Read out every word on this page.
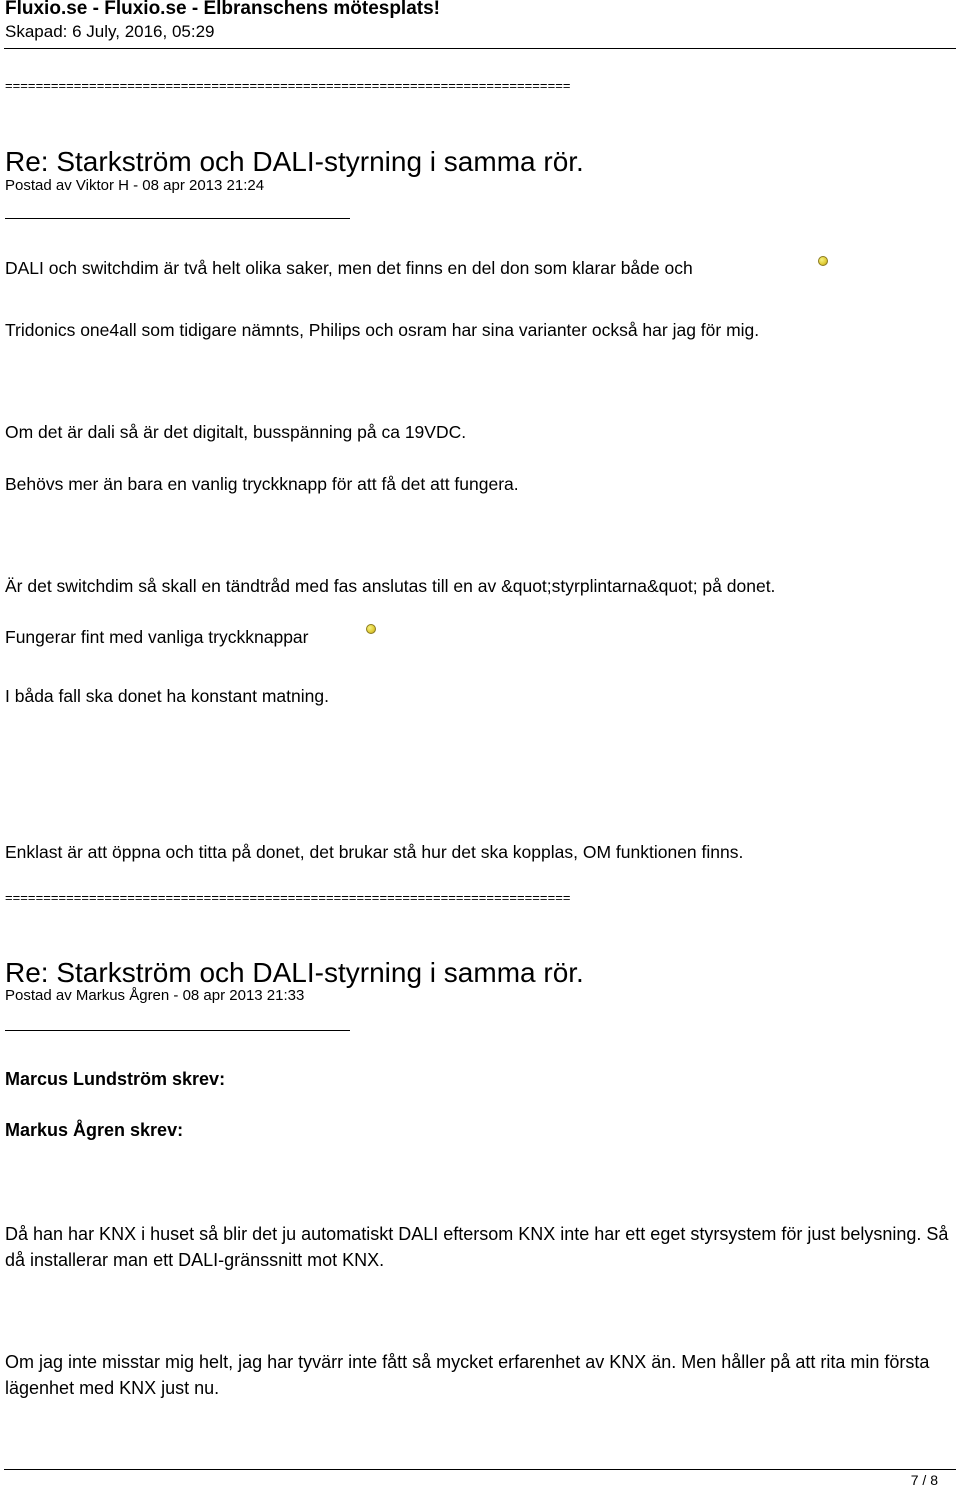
Fluxio.se - Fluxio.se - Elbranschens mötesplats!
Skapad: 6 July, 2016, 05:29
==========================================================================
Re: Starkström och DALI-styrning i samma rör.
Postad av Viktor H - 08 apr 2013 21:24
DALI och switchdim är två helt olika saker, men det finns en del don som klarar både och
Tridonics one4all som tidigare nämnts, Philips och osram har sina varianter också har jag för mig.
Om det är dali så är det digitalt, busspänning på ca 19VDC.
Behövs mer än bara en vanlig tryckknapp för att få det att fungera.
Är det switchdim så skall en tändtråd med fas anslutas till en av &quot;styrplintarna&quot; på donet.
Fungerar fint med vanliga tryckknappar
I båda fall ska donet ha konstant matning.
Enklast är att öppna och titta på donet, det brukar stå hur det ska kopplas, OM funktionen finns.
==========================================================================
Re: Starkström och DALI-styrning i samma rör.
Postad av Markus Ågren - 08 apr 2013 21:33
Marcus Lundström skrev:
Markus Ågren skrev:
Då han har KNX i huset så blir det ju automatiskt DALI eftersom KNX inte har ett eget styrsystem för just belysning. Så då installerar man ett DALI-gränssnitt mot KNX.
Om jag inte misstar mig helt, jag har tyvärr inte fått så mycket erfarenhet av KNX än. Men håller på att rita min första lägenhet med KNX just nu.
7 / 8
